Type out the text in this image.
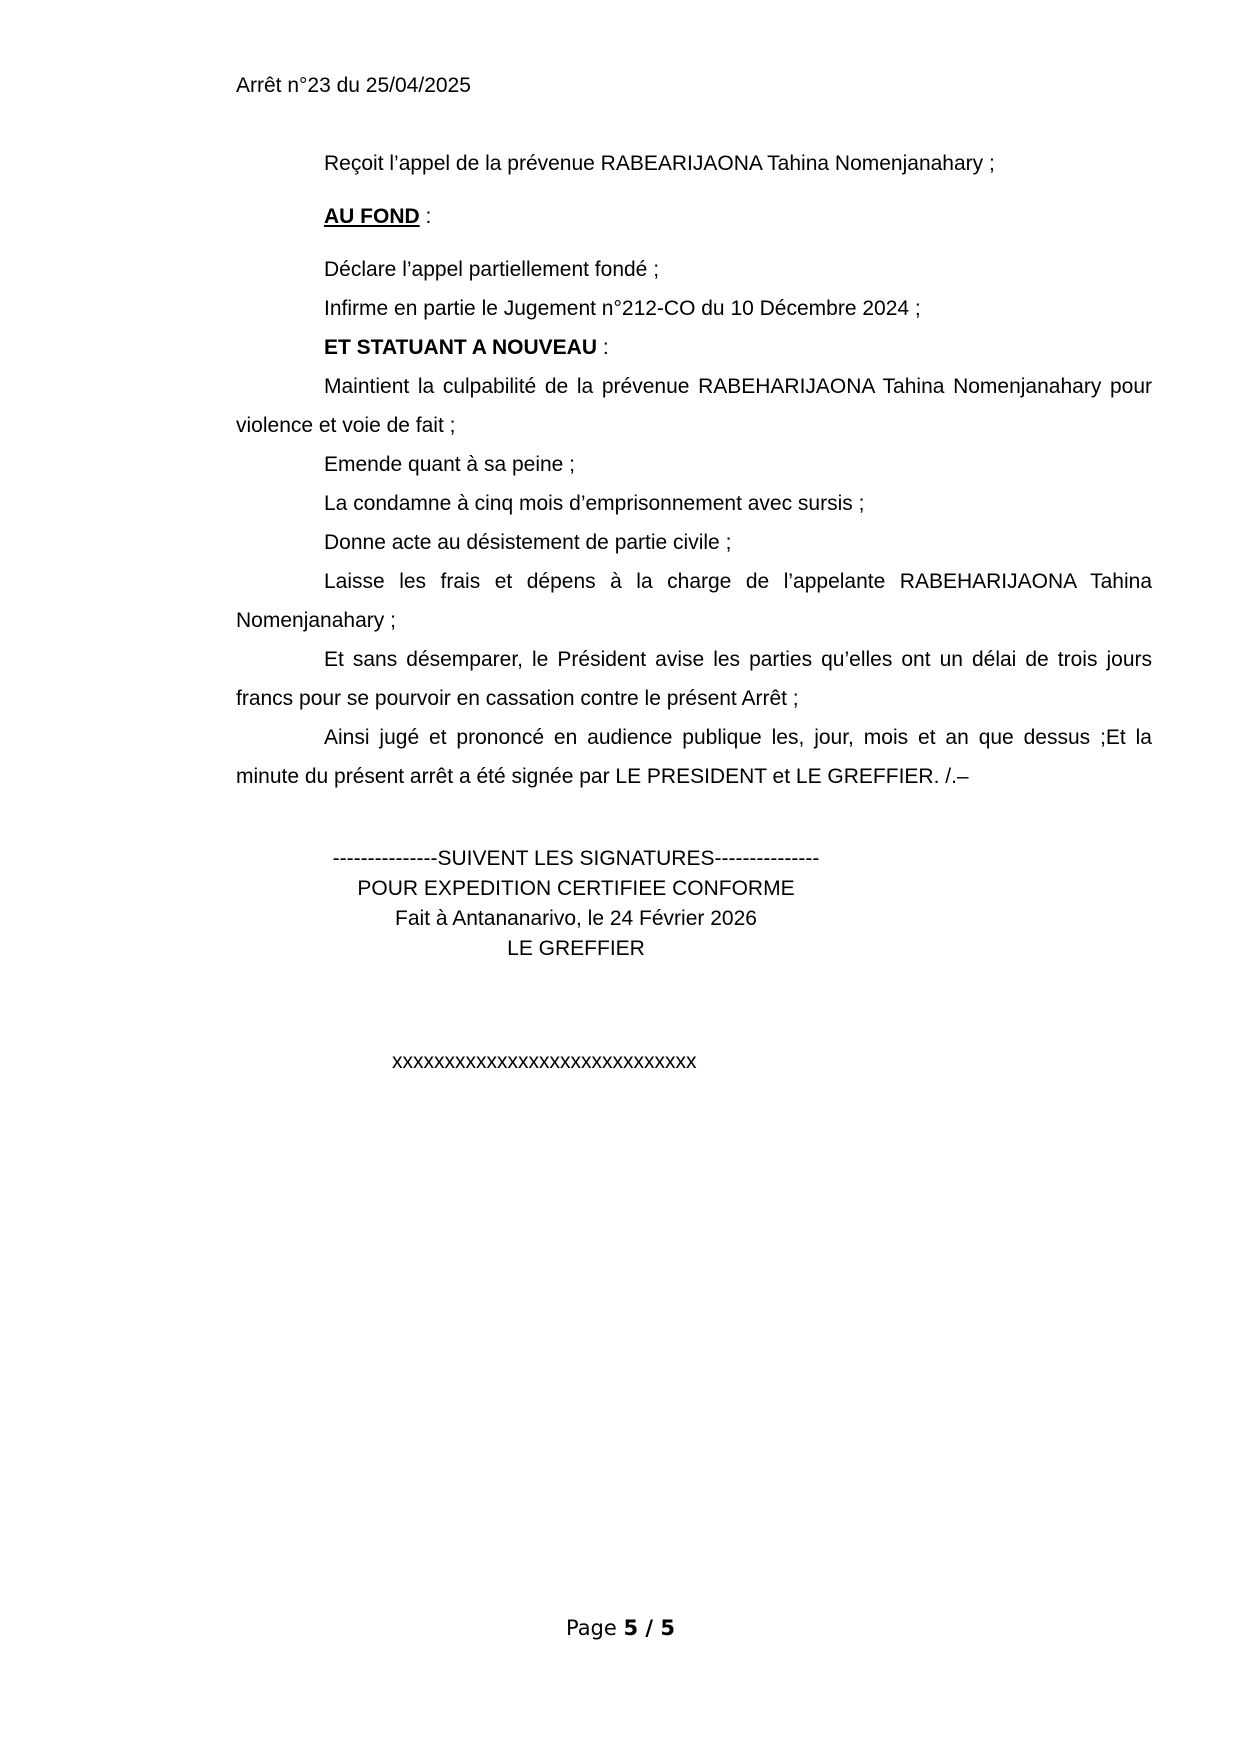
Arrêt n°23 du 25/04/2025

Reçoit l’appel de la prévenue RABEARIJAONA Tahina Nomenjanahary ;

AU FOND :

Déclare l’appel partiellement fondé ;

Infirme en partie le Jugement n°212-CO du 10 Décembre 2024 ;

ET STATUANT A NOUVEAU :

Maintient la culpabilité de la prévenue RABEHARIJAONA Tahina Nomenjanahary pour violence et voie de fait ;

Emende quant à sa peine ;

La condamne à cinq mois d’emprisonnement avec sursis ;

Donne acte au désistement de partie civile ;

Laisse les frais et dépens à la charge de l’appelante RABEHARIJAONA Tahina Nomenjanahary ;

Et sans désemparer, le Président avise les parties qu’elles ont un délai de trois jours francs pour se pourvoir en cassation contre le présent Arrêt ;

Ainsi jugé et prononcé en audience publique les, jour, mois et an que dessus ;Et la minute du présent arrêt a été signée par LE PRESIDENT et LE GREFFIER. /.–

---------------SUIVENT LES SIGNATURES---------------
POUR EXPEDITION CERTIFIEE CONFORME
Fait à Antananarivo, le 24 Février 2026
LE GREFFIER
xxxxxxxxxxxxxxxxxxxxxxxxxxxxx
Page 5 / 5
